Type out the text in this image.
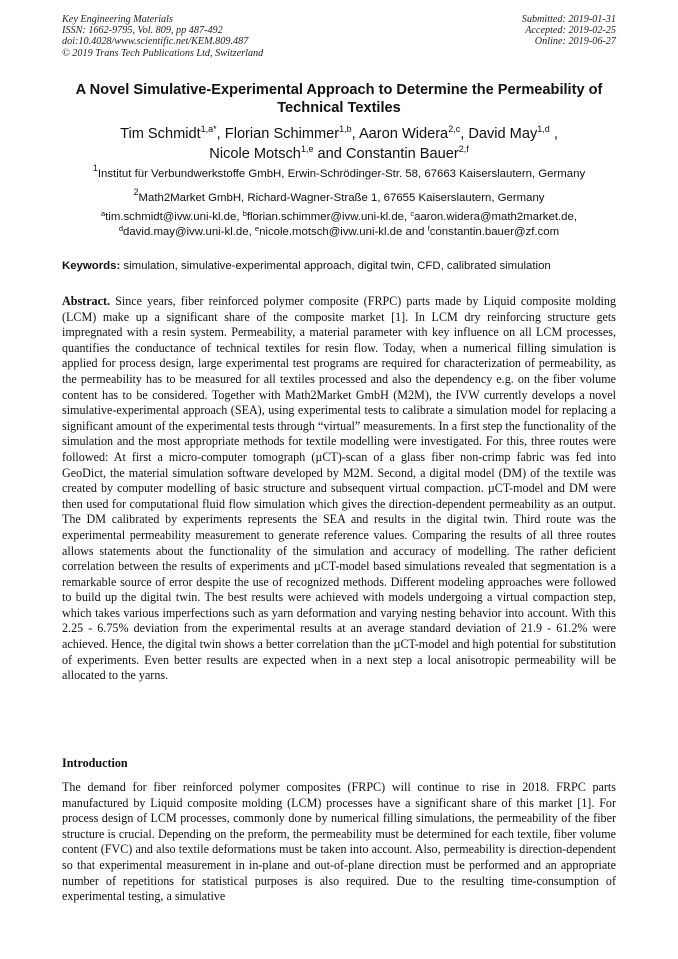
Key Engineering Materials
ISSN: 1662-9795, Vol. 809, pp 487-492
doi:10.4028/www.scientific.net/KEM.809.487
© 2019 Trans Tech Publications Ltd, Switzerland
Submitted: 2019-01-31
Accepted: 2019-02-25
Online: 2019-06-27
A Novel Simulative-Experimental Approach to Determine the Permeability of Technical Textiles
Tim Schmidt$^{1,a*}$, Florian Schimmer$^{1,b}$, Aaron Widera$^{2,c}$, David May$^{1,d}$ ,
Nicole Motsch$^{1,e}$ and Constantin Bauer$^{2,f}$
$^1$Institut für Verbundwerkstoffe GmbH, Erwin-Schrödinger-Str. 58, 67663 Kaiserslautern, Germany
$^2$Math2Market GmbH, Richard-Wagner-Straße 1, 67655 Kaiserslautern, Germany
$^a$tim.schmidt@ivw.uni-kl.de, $^b$florian.schimmer@ivw.uni-kl.de, $^c$aaron.widera@math2market.de,
$^d$david.may@ivw.uni-kl.de, $^e$nicole.motsch@ivw.uni-kl.de and $^f$constantin.bauer@zf.com
Keywords: simulation, simulative-experimental approach, digital twin, CFD, calibrated simulation
Abstract. Since years, fiber reinforced polymer composite (FRPC) parts made by Liquid composite molding (LCM) make up a significant share of the composite market [1]. In LCM dry reinforcing structure gets impregnated with a resin system. Permeability, a material parameter with key influence on all LCM processes, quantifies the conductance of technical textiles for resin flow. Today, when a numerical filling simulation is applied for process design, large experimental test programs are required for characterization of permeability, as the permeability has to be measured for all textiles processed and also the dependency e.g. on the fiber volume content has to be considered. Together with Math2Market GmbH (M2M), the IVW currently develops a novel simulative-experimental approach (SEA), using experimental tests to calibrate a simulation model for replacing a significant amount of the experimental tests through “virtual” measurements. In a first step the functionality of the simulation and the most appropriate methods for textile modelling were investigated. For this, three routes were followed: At first a micro-computer tomograph (µCT)-scan of a glass fiber non-crimp fabric was fed into GeoDict, the material simulation software developed by M2M. Second, a digital model (DM) of the textile was created by computer modelling of basic structure and subsequent virtual compaction. µCT-model and DM were then used for computational fluid flow simulation which gives the direction-dependent permeability as an output. The DM calibrated by experiments represents the SEA and results in the digital twin. Third route was the experimental permeability measurement to generate reference values. Comparing the results of all three routes allows statements about the functionality of the simulation and accuracy of modelling. The rather deficient correlation between the results of experiments and µCT-model based simulations revealed that segmentation is a remarkable source of error despite the use of recognized methods. Different modeling approaches were followed to build up the digital twin. The best results were achieved with models undergoing a virtual compaction step, which takes various imperfections such as yarn deformation and varying nesting behavior into account. With this 2.25 - 6.75% deviation from the experimental results at an average standard deviation of 21.9 - 61.2% were achieved. Hence, the digital twin shows a better correlation than the µCT-model and high potential for substitution of experiments. Even better results are expected when in a next step a local anisotropic permeability will be allocated to the yarns.
Introduction
The demand for fiber reinforced polymer composites (FRPC) will continue to rise in 2018. FRPC parts manufactured by Liquid composite molding (LCM) processes have a significant share of this market [1]. For process design of LCM processes, commonly done by numerical filling simulations, the permeability of the fiber structure is crucial. Depending on the preform, the permeability must be determined for each textile, fiber volume content (FVC) and also textile deformations must be taken into account. Also, permeability is direction-dependent so that experimental measurement in in-plane and out-of-plane direction must be performed and an appropriate number of repetitions for statistical purposes is also required. Due to the resulting time-consumption of experimental testing, a simulative
